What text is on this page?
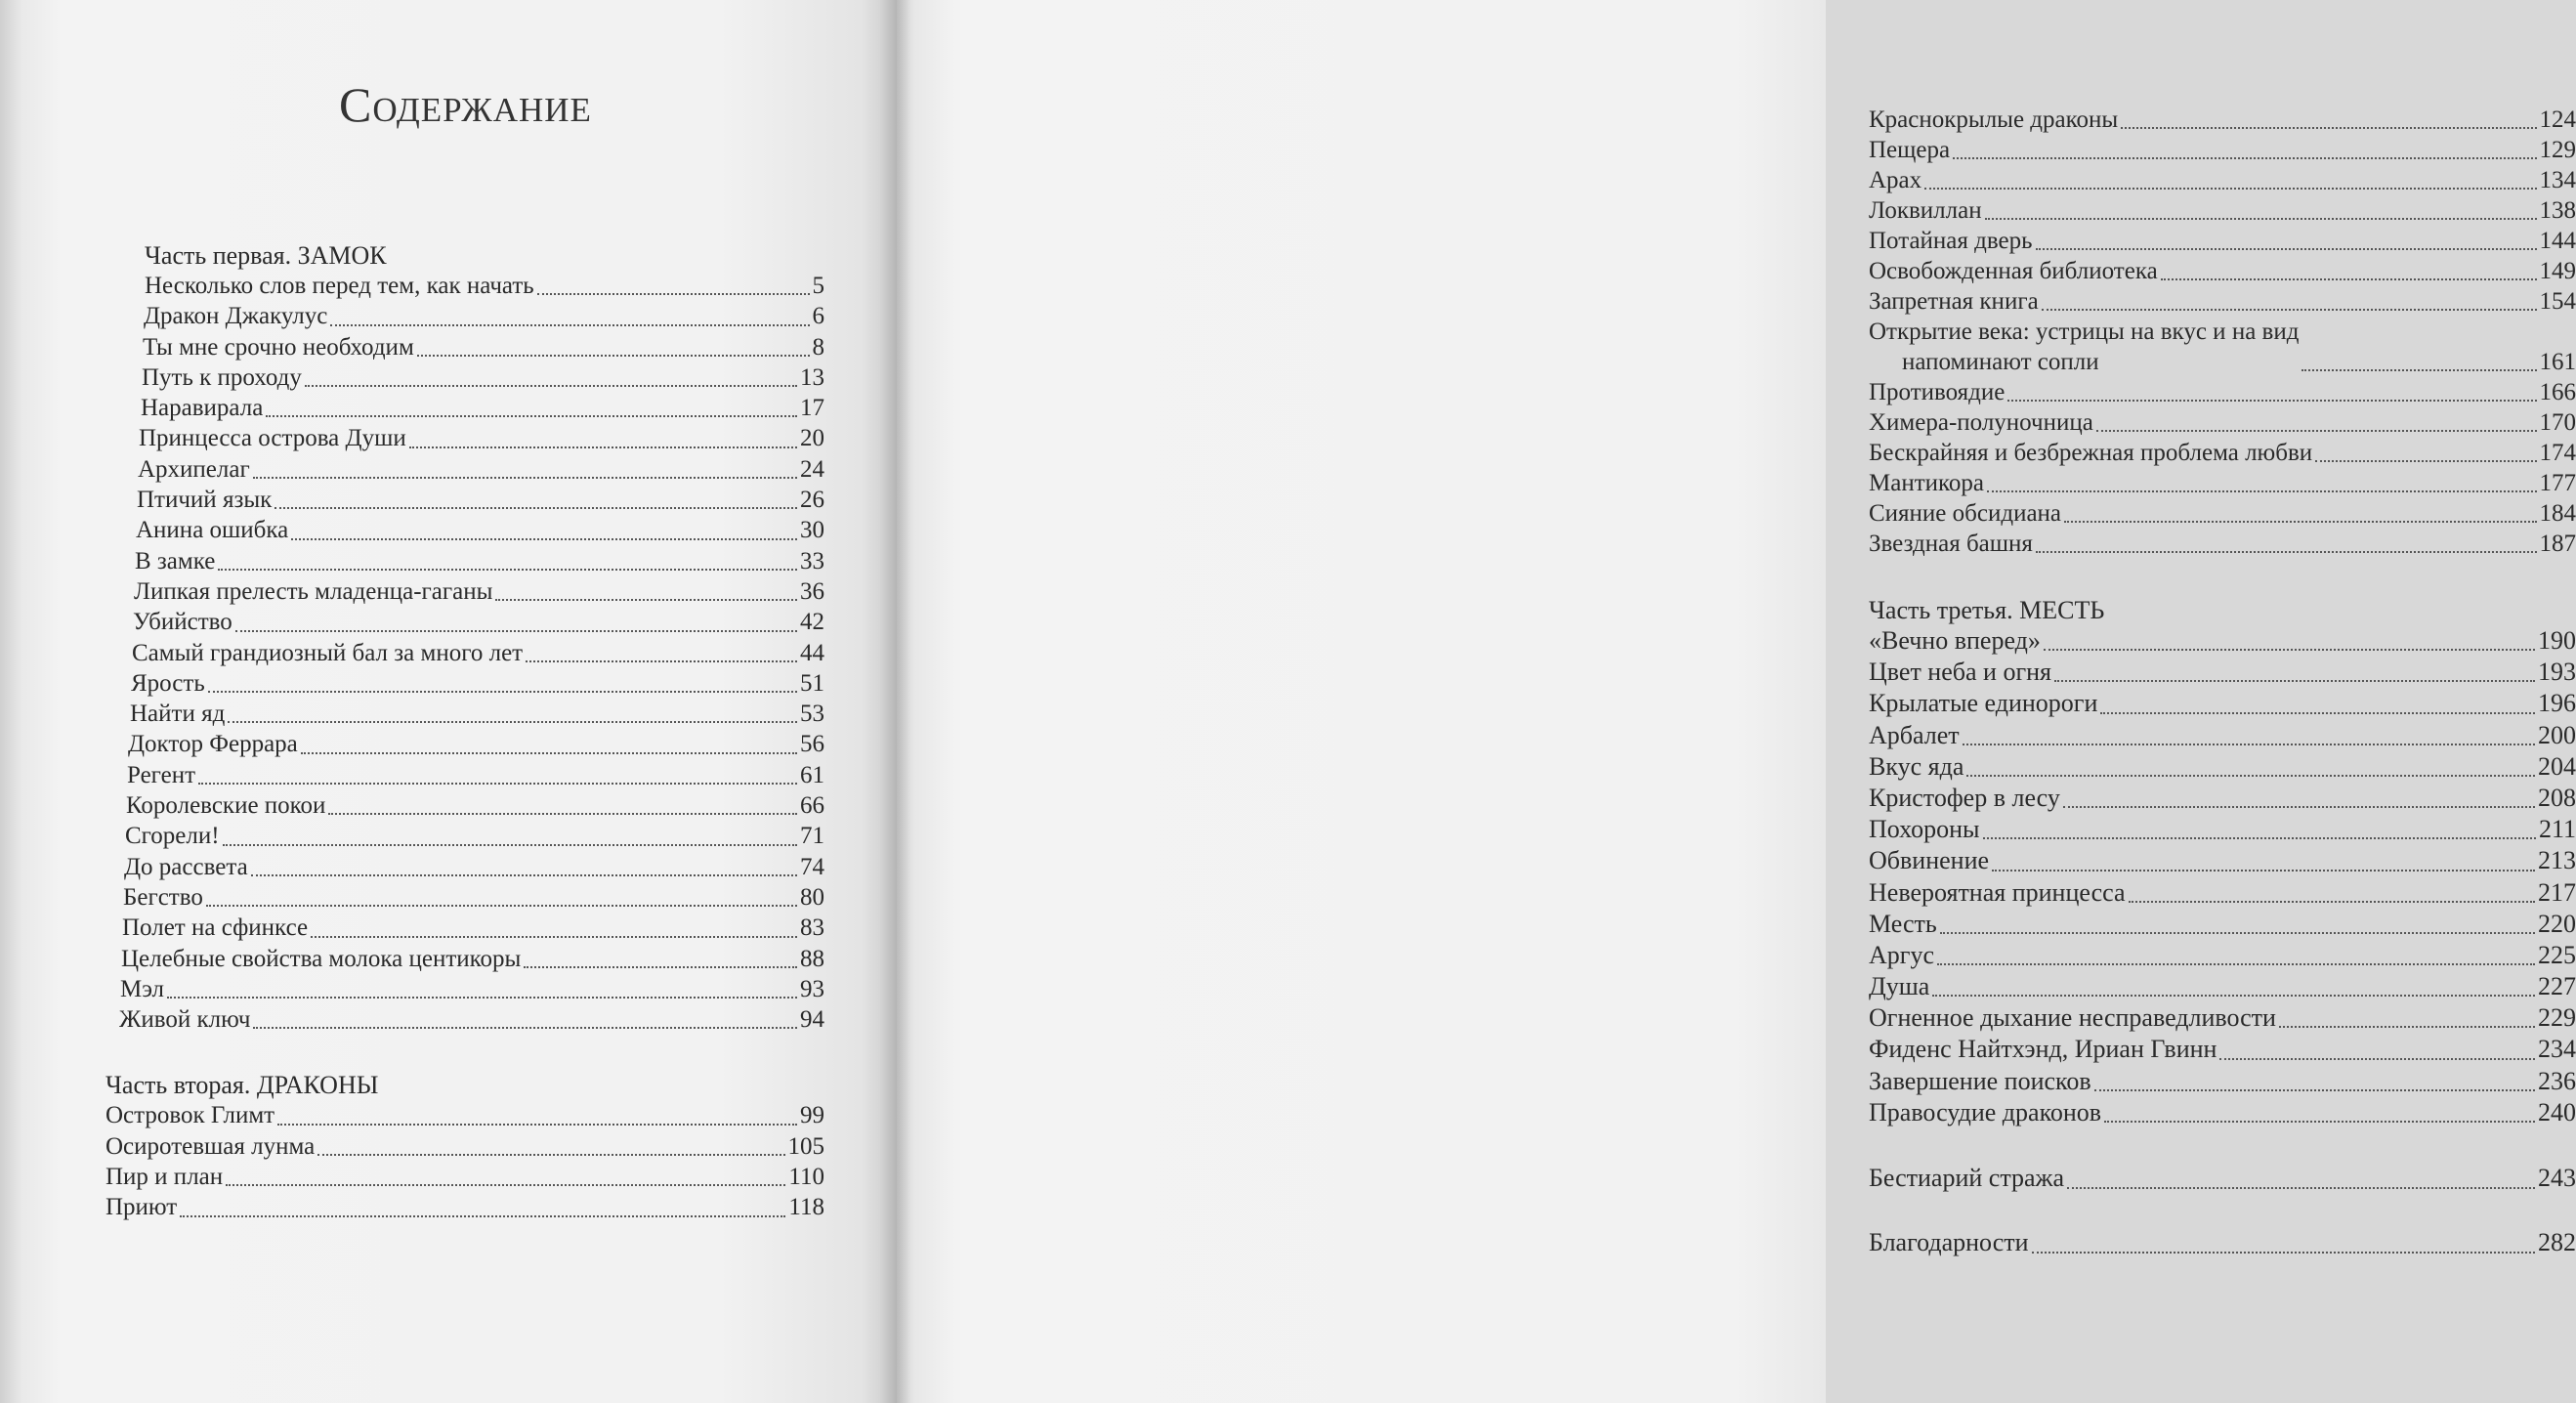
Содержание
Часть первая. ЗАМОК
Несколько слов перед тем, как начать	5
Дракон Джакулус	6
Ты мне срочно необходим	8
Путь к проходу	13
Наравирала	17
Принцесса острова Души	20
Архипелаг	24
Птичий язык	26
Анина ошибка	30
В замке	33
Липкая прелесть младенца-гаганы	36
Убийство	42
Самый грандиозный бал за много лет	44
Ярость	51
Найти яд	53
Доктор Феррара	56
Регент	61
Королевские покои	66
Сгорели!	71
До рассвета	74
Бегство	80
Полет на сфинксе	83
Целебные свойства молока центикоры	88
Мэл	93
Живой ключ	94
Часть вторая. ДРАКОНЫ
Островок Глимт	99
Осиротевшая лунма	105
Пир и план	110
Приют	118
Краснокрылые драконы	124
Пещера	129
Арах	134
Локвиллан	138
Потайная дверь	144
Освобожденная библиотека	149
Запретная книга	154
Открытие века: устрицы на вкус и на вид
напоминают сопли	161
Противоядие	166
Химера-полуночница	170
Бескрайняя и безбрежная проблема любви	174
Мантикора	177
Сияние обсидиана	184
Звездная башня	187
Часть третья. МЕСТЬ
«Вечно вперед»	190
Цвет неба и огня	193
Крылатые единороги	196
Арбалет	200
Вкус яда	204
Кристофер в лесу	208
Похороны	211
Обвинение	213
Невероятная принцесса	217
Месть	220
Аргус	225
Душа	227
Огненное дыхание несправедливости	229
Фиденс Найтхэнд, Ириан Гвинн	234
Завершение поисков	236
Правосудие драконов	240
Бестиарий стража	243
Благодарности	282
